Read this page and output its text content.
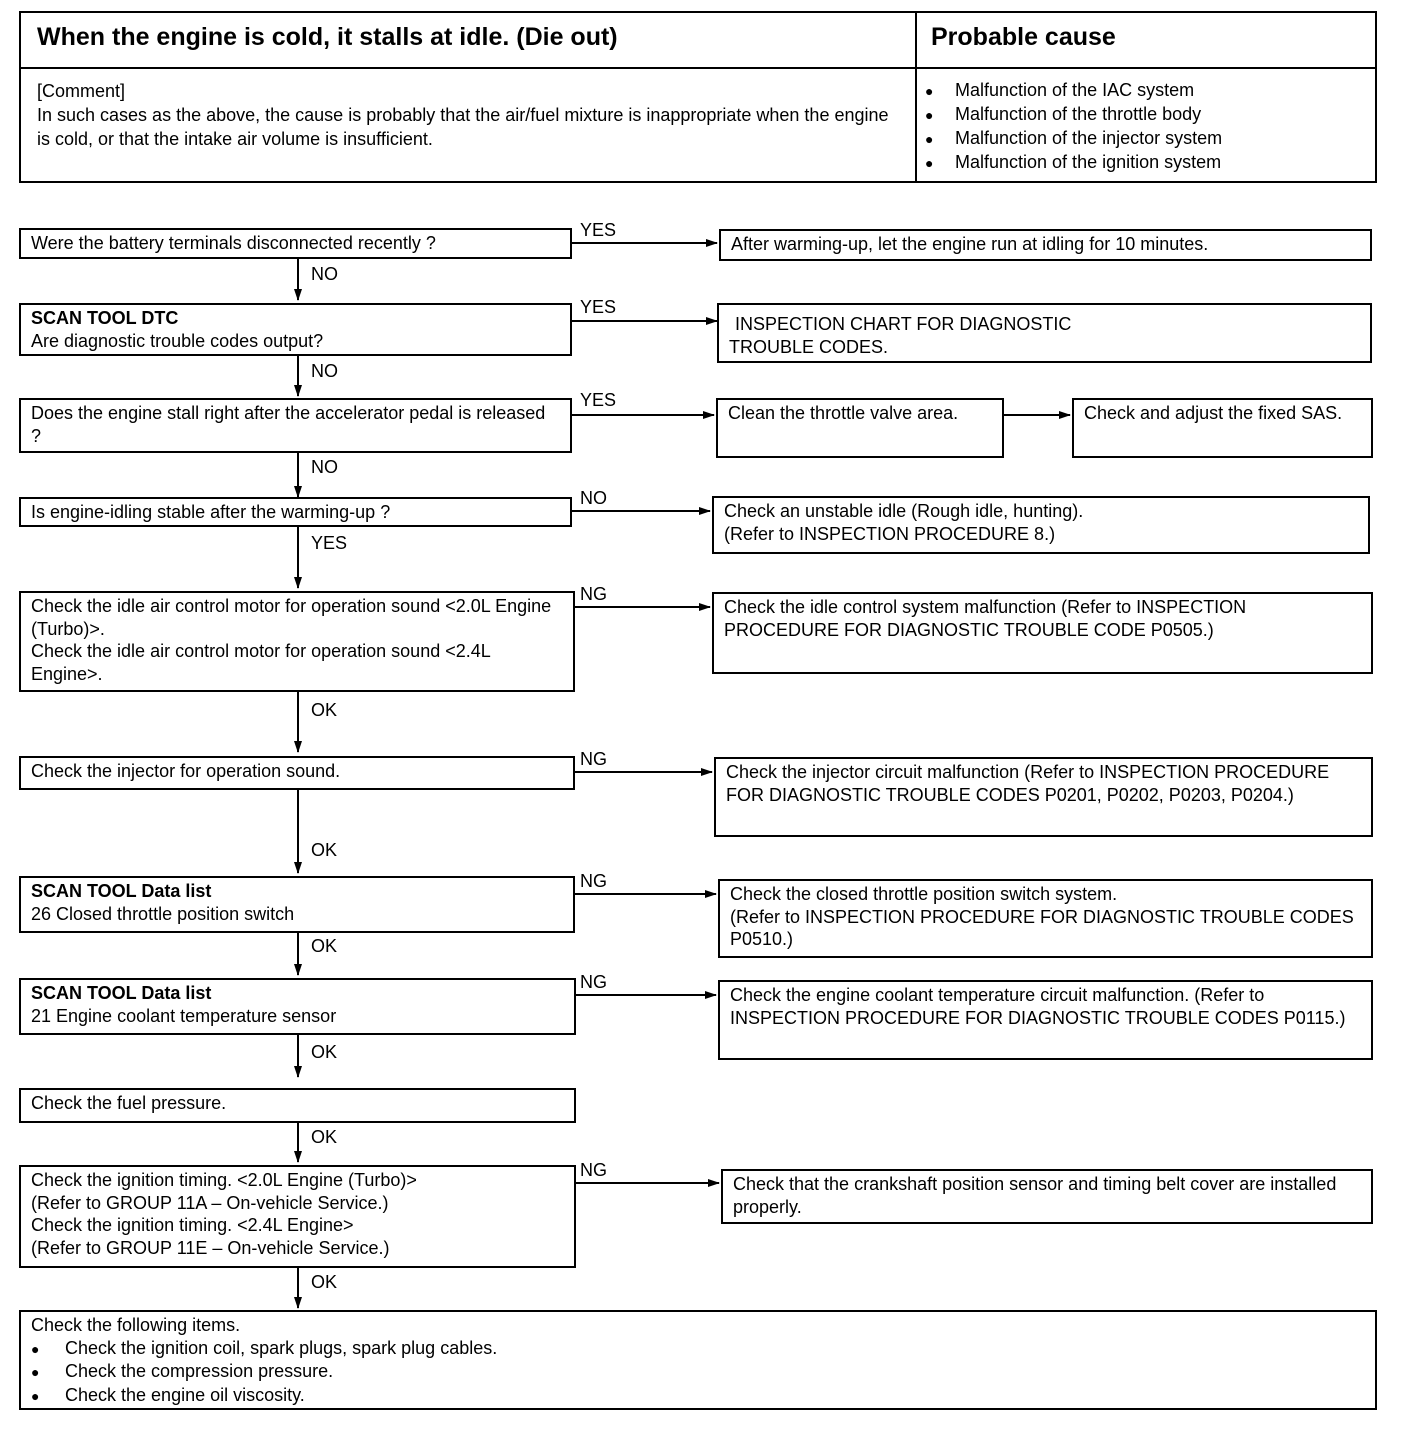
When the engine is cold, it stalls at idle. (Die out)	Probable cause
[Comment]
In such cases as the above, the cause is probably that the air/fuel mixture is inappropriate when the engine is cold, or that the intake air volume is insufficient.
● Malfunction of the IAC system
● Malfunction of the throttle body
● Malfunction of the injector system
● Malfunction of the ignition system
Were the battery terminals disconnected recently ?	After warming-up, let the engine run at idling for 10 minutes.
SCAN TOOL DTC
Are diagnostic trouble codes output?
INSPECTION CHART FOR DIAGNOSTIC
TROUBLE CODES.
Does the engine stall right after the accelerator pedal is released ?
Clean the throttle valve area.	Check and adjust the fixed SAS.
Is engine-idling stable after the warming-up ?	Check an unstable idle (Rough idle, hunting).
(Refer to INSPECTION PROCEDURE 8.)
Check the idle air control motor for operation sound <2.0L Engine (Turbo)>.
Check the idle air control motor for operation sound <2.4L Engine>.
Check the idle control system malfunction (Refer to INSPECTION PROCEDURE FOR DIAGNOSTIC TROUBLE CODE P0505.)
Check the injector for operation sound.	Check the injector circuit malfunction (Refer to INSPECTION PROCEDURE FOR DIAGNOSTIC TROUBLE CODES P0201, P0202, P0203, P0204.)
SCAN TOOL Data list
26 Closed throttle position switch
Check the closed throttle position switch system.
(Refer to INSPECTION PROCEDURE FOR DIAGNOSTIC TROUBLE CODES P0510.)
SCAN TOOL Data list
21 Engine coolant temperature sensor
Check the engine coolant temperature circuit malfunction. (Refer to INSPECTION PROCEDURE FOR DIAGNOSTIC TROUBLE CODES P0115.)
Check the fuel pressure.
Check the ignition timing. <2.0L Engine (Turbo)>
(Refer to GROUP 11A – On-vehicle Service.)
Check the ignition timing. <2.4L Engine>
(Refer to GROUP 11E – On-vehicle Service.)
Check that the crankshaft position sensor and timing belt cover are installed properly.
Check the following items.
● Check the ignition coil, spark plugs, spark plug cables.
● Check the compression pressure.
● Check the engine oil viscosity.
YES
NO
YES
NO
YES
NO
NO
YES
NG
OK
NG
OK
NG
OK
NG
OK
OK
NG
OK
